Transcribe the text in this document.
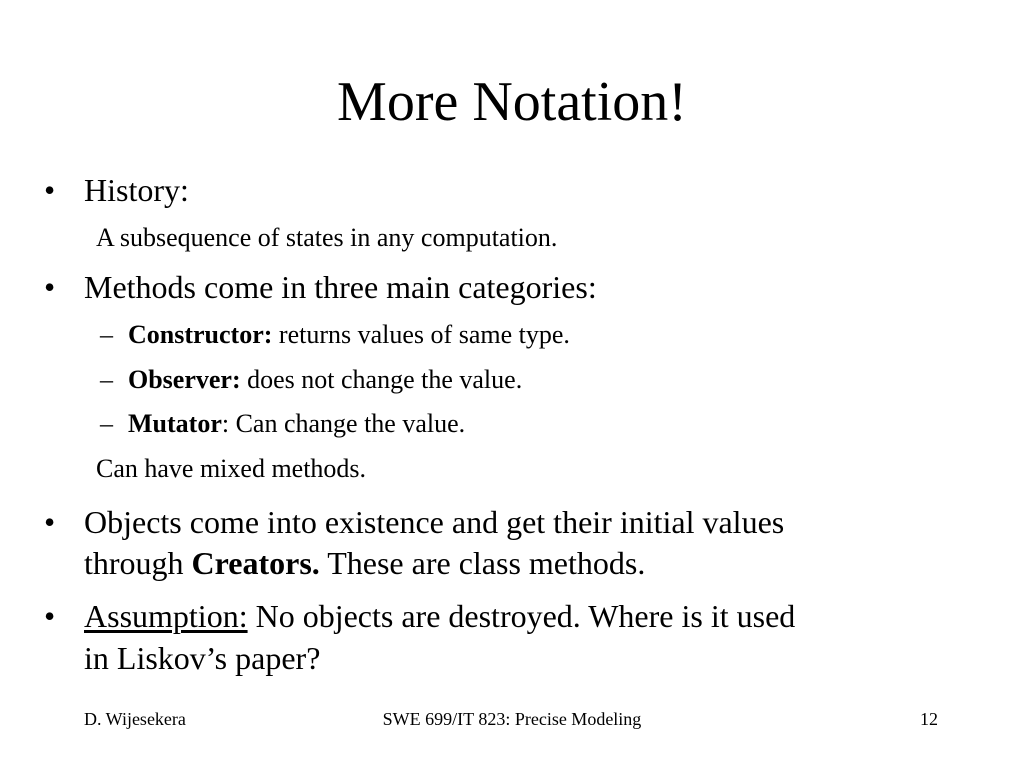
More Notation!
• History:
A subsequence of states in any computation.
• Methods come in three main categories:
– Constructor: returns values of same type.
– Observer: does not change the value.
– Mutator: Can change the value.
Can have mixed methods.
• Objects come into existence and get their initial values
through Creators. These are class methods.
• Assumption: No objects are destroyed. Where is it used
in Liskov’s paper?
D. Wijesekera	SWE 699/IT 823: Precise Modeling	12
